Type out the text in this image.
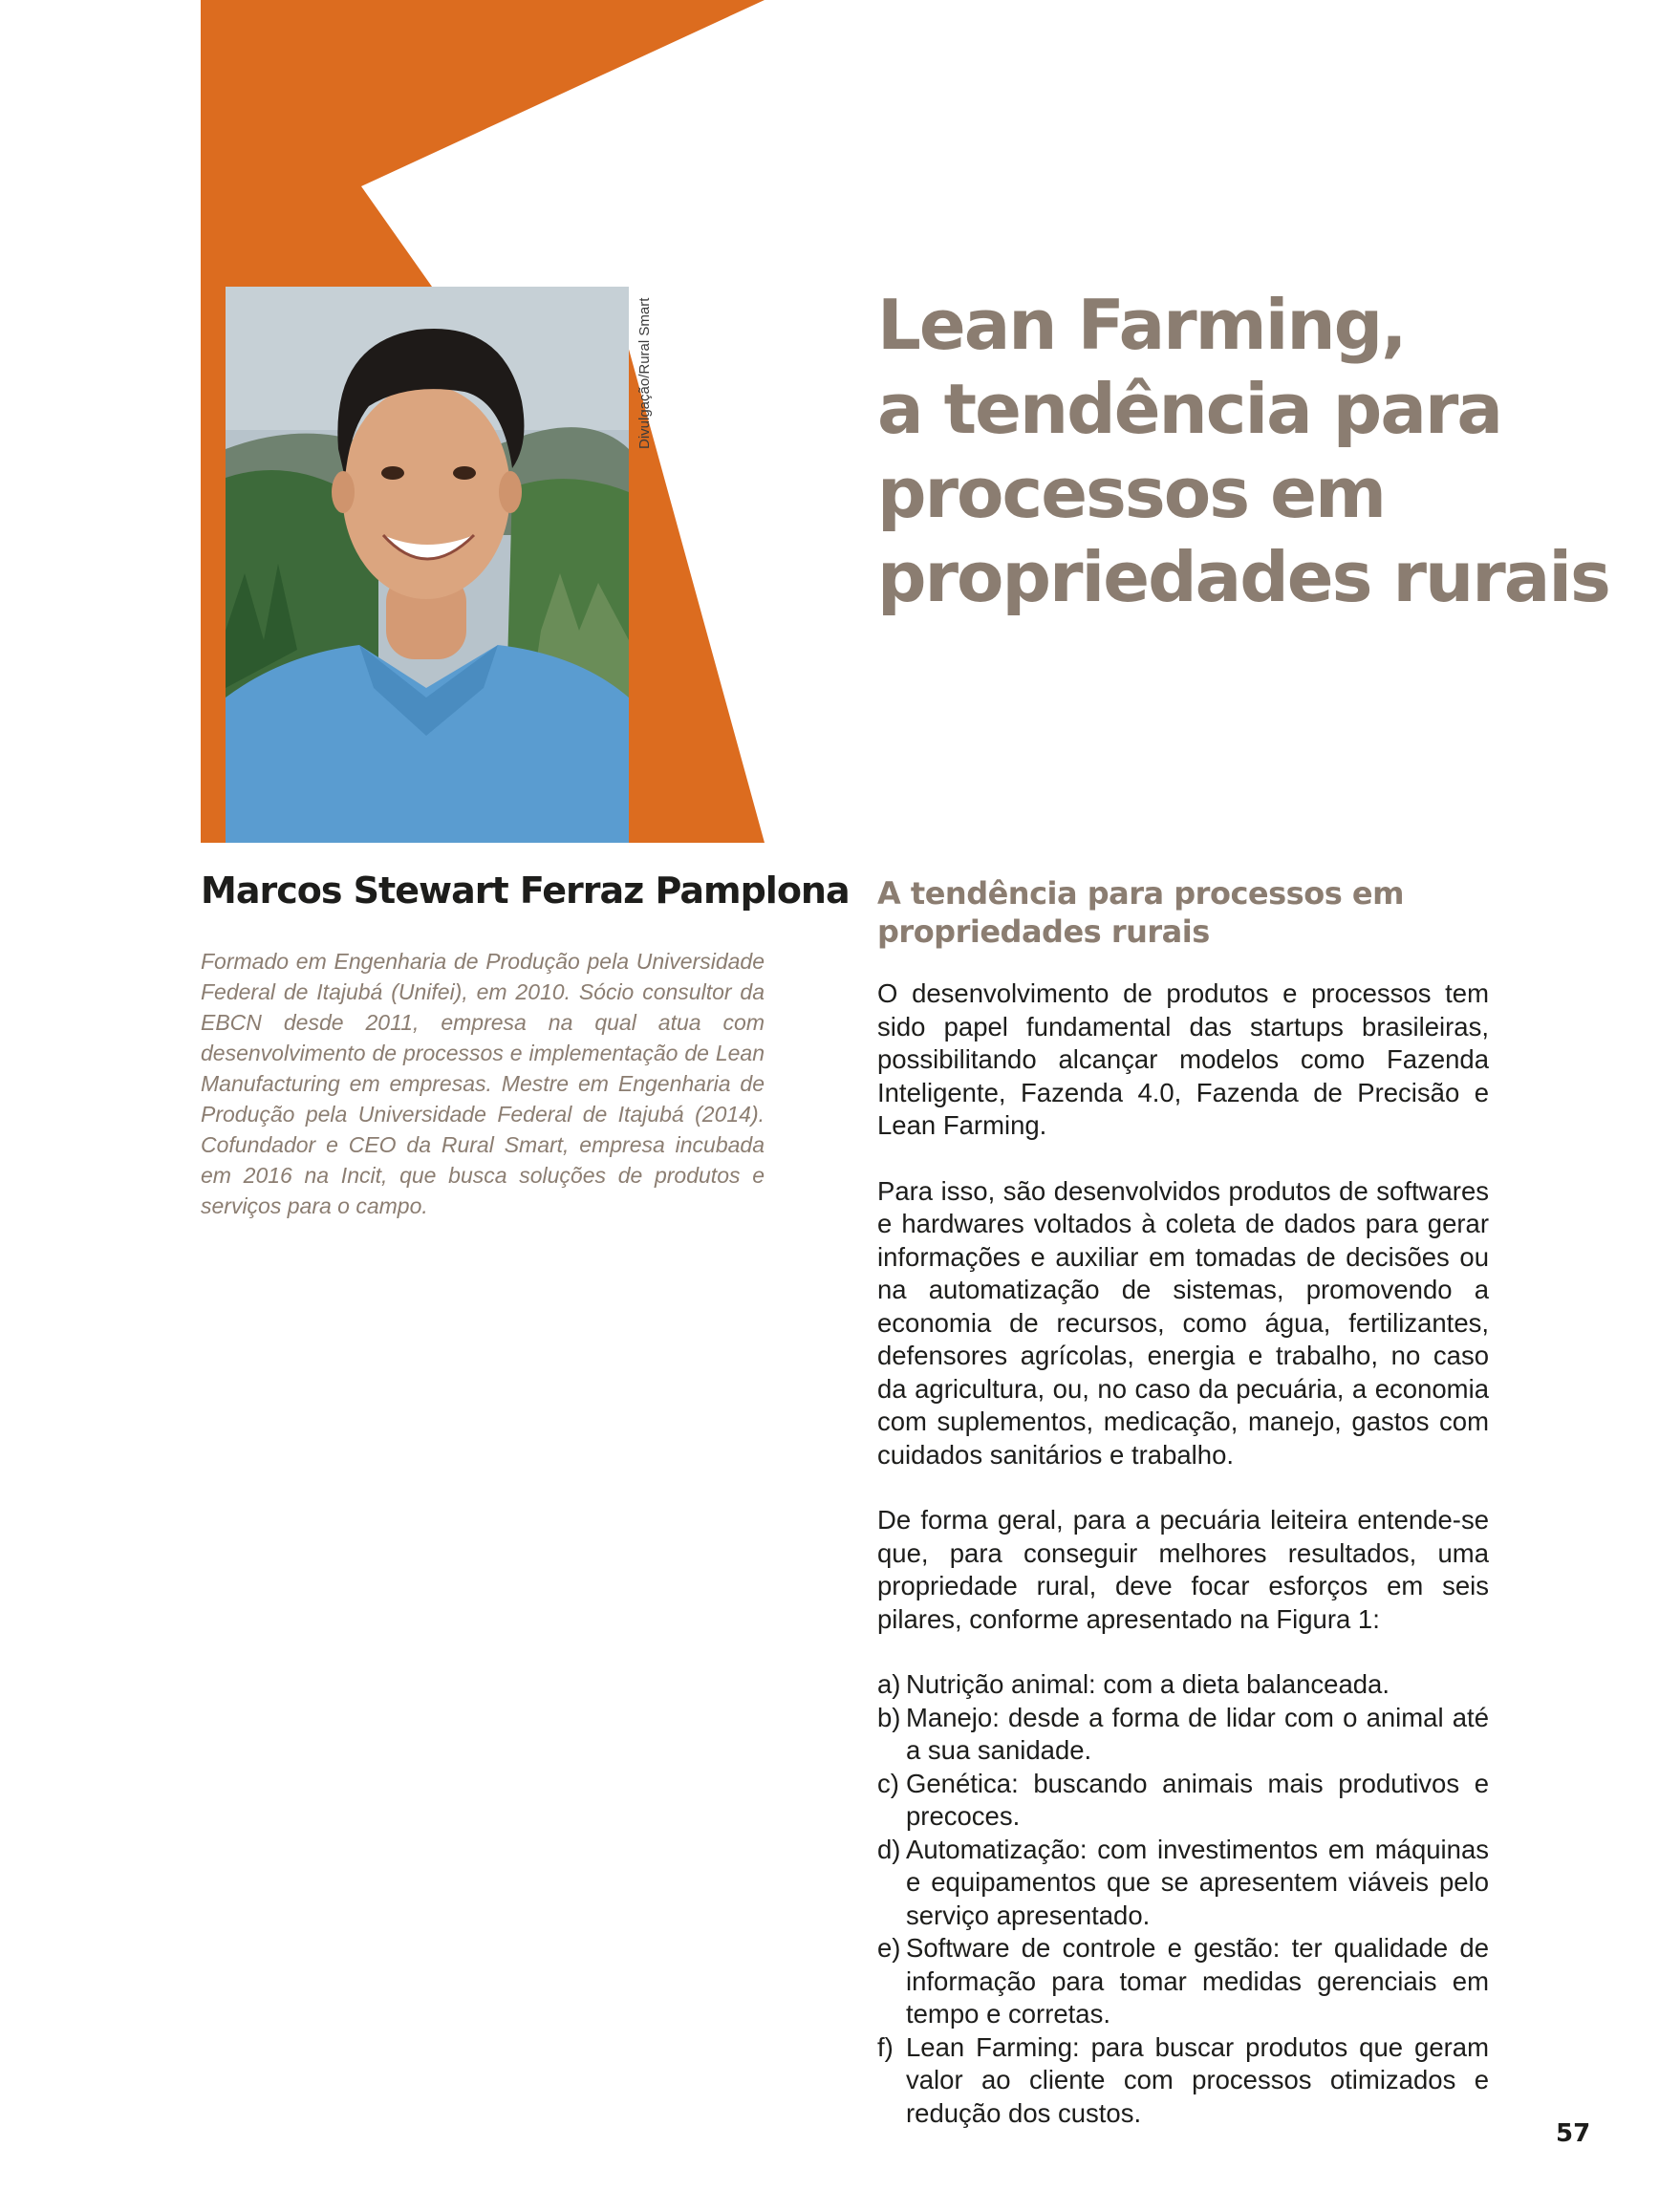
Divulgação/Rural Smart	Lean Farming,
a tendência para
processos em
propriedades rurais
Marcos Stewart Ferraz Pamplona

Formado em Engenharia de Produção pela Universidade Federal de Itajubá (Unifei), em 2010. Sócio consultor da EBCN desde 2011, empresa na qual atua com desenvolvimento de processos e implementação de Lean Manufacturing em empresas. Mestre em Engenharia de Produção pela Universidade Federal de Itajubá (2014). Cofundador e CEO da Rural Smart, empresa incubada em 2016 na Incit, que busca soluções de produtos e serviços para o campo.

A tendência para processos em propriedades rurais

O desenvolvimento de produtos e processos tem sido papel fundamental das startups brasileiras, possibilitando alcançar modelos como Fazenda Inteligente, Fazenda 4.0, Fazenda de Precisão e Lean Farming.

Para isso, são desenvolvidos produtos de softwares e hardwares voltados à coleta de dados para gerar informações e auxiliar em tomadas de decisões ou na automatização de sistemas, promovendo a economia de recursos, como água, fertilizantes, defensores agrícolas, energia e trabalho, no caso da agricultura, ou, no caso da pecuária, a economia com suplementos, medicação, manejo, gastos com cuidados sanitários e trabalho.

De forma geral, para a pecuária leiteira entende-se que, para conseguir melhores resultados, uma propriedade rural, deve focar esforços em seis pilares, conforme apresentado na Figura 1:

a) Nutrição animal: com a dieta balanceada.
b) Manejo: desde a forma de lidar com o animal até a sua sanidade.
c) Genética: buscando animais mais produtivos e precoces.
d) Automatização: com investimentos em máquinas e equipamentos que se apresentem viáveis pelo serviço apresentado.
e) Software de controle e gestão: ter qualidade de informação para tomar medidas gerenciais em tempo e corretas.
f) Lean Farming: para buscar produtos que geram valor ao cliente com processos otimizados e redução dos custos.

57
